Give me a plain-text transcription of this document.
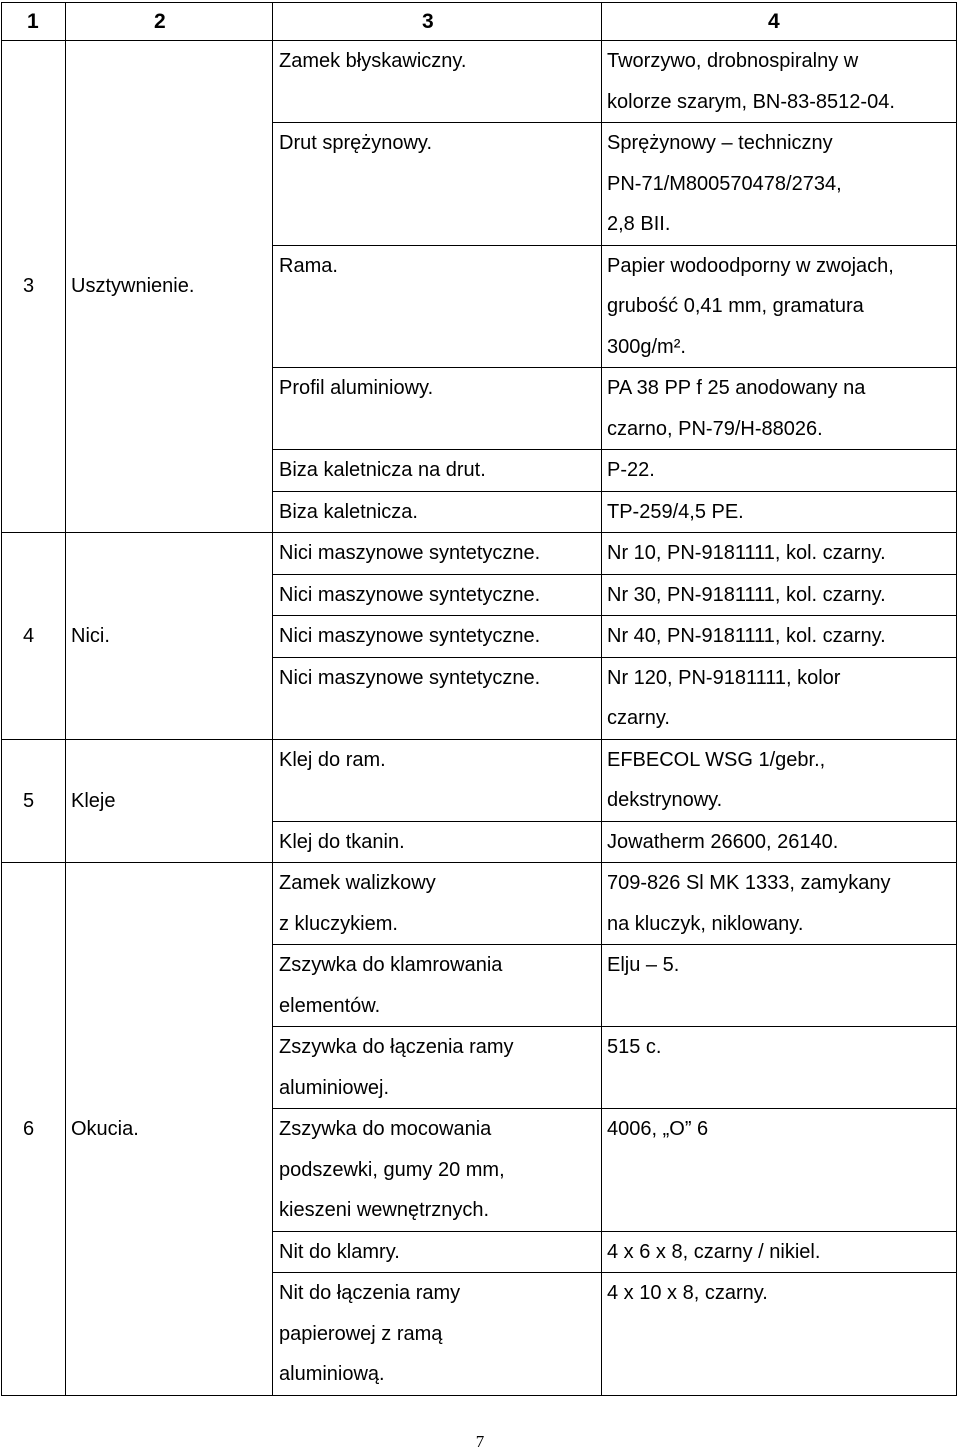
1	2	3	4
3	Usztywnienie.	Zamek błyskawiczny.	Tworzywo, drobnospiralny w
kolorze szarym, BN-83-8512-04.

		Drut sprężynowy.	Sprężynowy – techniczny
PN-71/M800570478/2734,
2,8 BII.

		Rama.	Papier wodoodporny w zwojach,
grubość 0,41 mm, gramatura
300g/m².

		Profil aluminiowy.	PA 38 PP f 25 anodowany na
czarno, PN-79/H-88026.

		Biza kaletnicza na drut.	P-22.

		Biza kaletnicza.	TP-259/4,5 PE.

4	Nici.	Nici maszynowe syntetyczne.	Nr 10, PN-9181111, kol. czarny.

		Nici maszynowe syntetyczne.	Nr 30, PN-9181111, kol. czarny.

		Nici maszynowe syntetyczne.	Nr 40, PN-9181111, kol. czarny.

		Nici maszynowe syntetyczne.	Nr 120, PN-9181111, kolor
czarny.

5	Kleje	Klej do ram.	EFBECOL WSG 1/gebr.,
dekstrynowy.

		Klej do tkanin.	Jowatherm 26600, 26140.

6	Okucia.	Zamek walizkowy
z kluczykiem.	709-826 Sl MK 1333, zamykany
na kluczyk, niklowany.

		Zszywka do klamrowania
elementów.	Elju – 5.

		Zszywka do łączenia ramy
aluminiowej.	515 c.

		Zszywka do mocowania
podszewki, gumy 20 mm,
kieszeni wewnętrznych.	4006, „O” 6

		Nit do klamry.	4 x 6 x 8, czarny / nikiel.

		Nit do łączenia ramy
papierowej z ramą
aluminiową.	4 x 10 x 8, czarny.
7
